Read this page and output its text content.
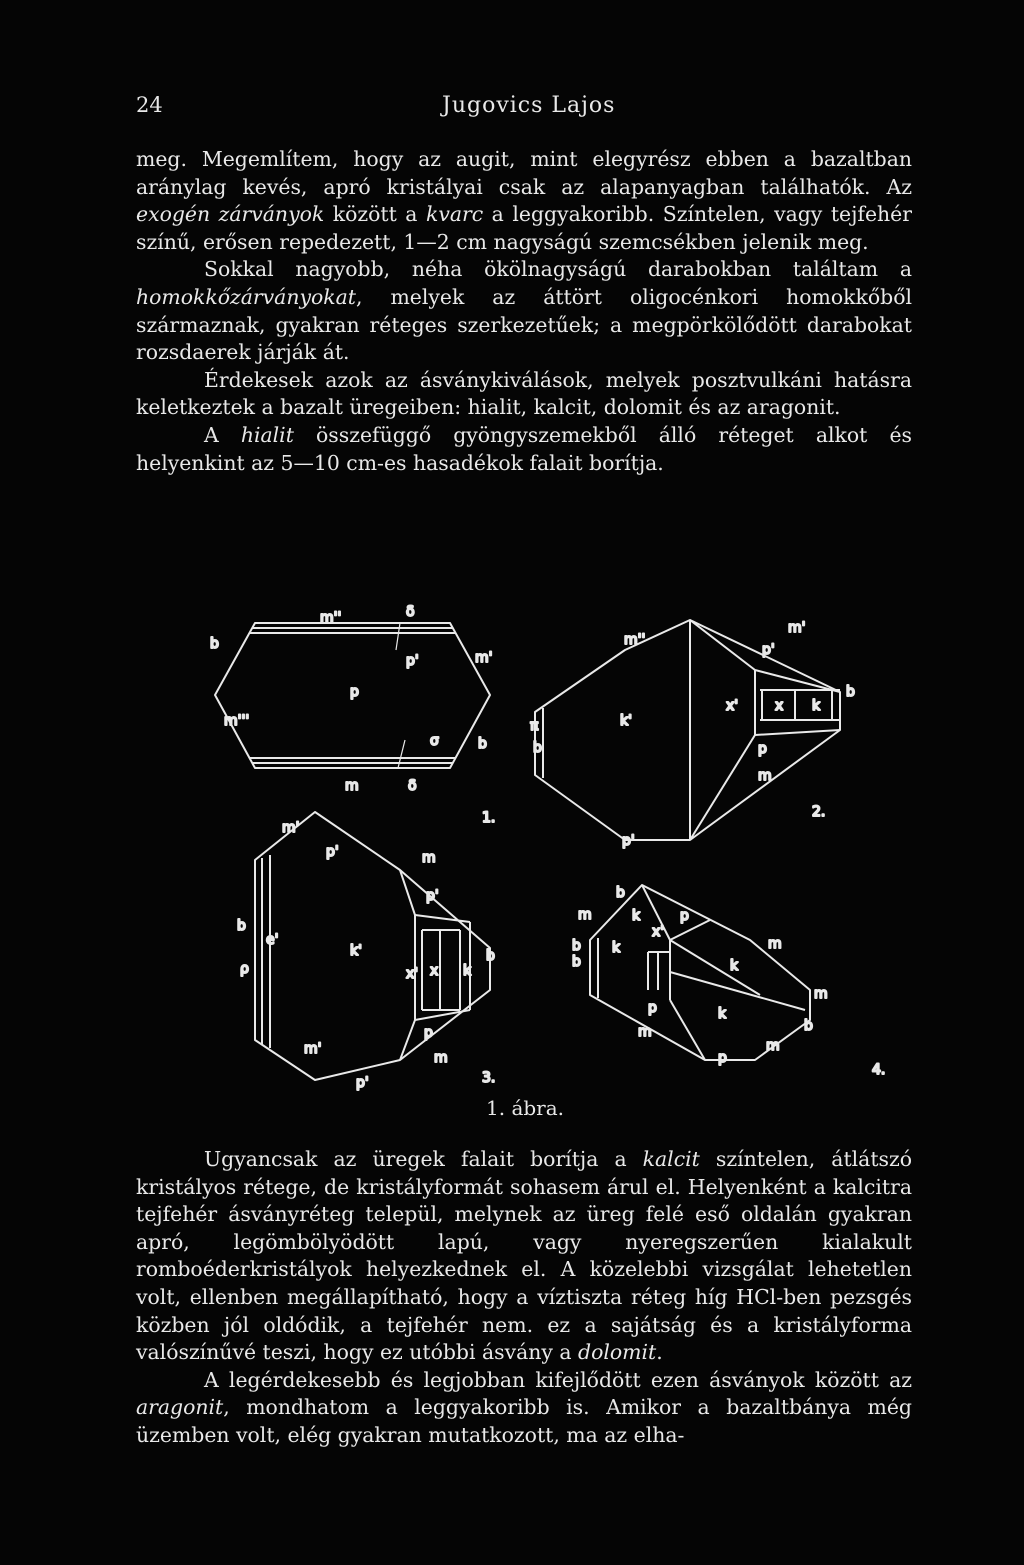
24	Jugovics Lajos

meg. Megemlítem, hogy az augit, mint elegyrész ebben a bazaltban aránylag kevés, apró kristályai csak az alapanyagban találhatók. Az exogén zárványok között a kvarc a leggyakoribb. Színtelen, vagy tejfehér színű, erősen repedezett, 1—2 cm nagyságú szemcsékben jelenik meg.

Sokkal nagyobb, néha ökölnagyságú darabokban találtam a homokkőzárványokat, melyek az áttört oligocénkori homokkőből származnak, gyakran réteges szerkezetűek; a megpörkölődött darabokat rozsdaerek járják át.

Érdekesek azok az ásványkiválások, melyek posztvulkáni hatásra keletkeztek a bazalt üregeiben: hialit, kalcit, dolomit és az aragonit.

A hialit összefüggő gyöngyszemekből álló réteget alkot és helyenkint az 5—10 cm-es hasadékok falait borítja.

m''	δ
b
p'	m'
p
m'''
σ	b
m	δ
m''
m'
p'
b
x'	x k
π	k'
b	p
m
p'
m'
p'	m
p'
b
e'
k'
x' x k
b
ρ
p
m'
m
p'
b
m	k	p
b k
x'
m
b	k
m
p	k
b
m
p
m
1.	2.
3.	4.
1. ábra.

Ugyancsak az üregek falait borítja a kalcit színtelen, átlátszó kristályos rétege, de kristályformát sohasem árul el. Helyenként a kalcitra tejfehér ásványréteg települ, melynek az üreg felé eső oldalán gyakran apró, legömbölyödött lapú, vagy nyeregszerűen kialakult romboéderkristályok helyezkednek el. A közelebbi vizsgálat lehetetlen volt, ellenben megállapítható, hogy a víztiszta réteg híg HCl-ben pezsgés közben jól oldódik, a tejfehér nem. ez a sajátság és a kristályforma valószínűvé teszi, hogy ez utóbbi ásvány a dolomit.

A legérdekesebb és legjobban kifejlődött ezen ásványok között az aragonit, mondhatom a leggyakoribb is. Amikor a bazaltbánya még üzemben volt, elég gyakran mutatkozott, ma az elha-
